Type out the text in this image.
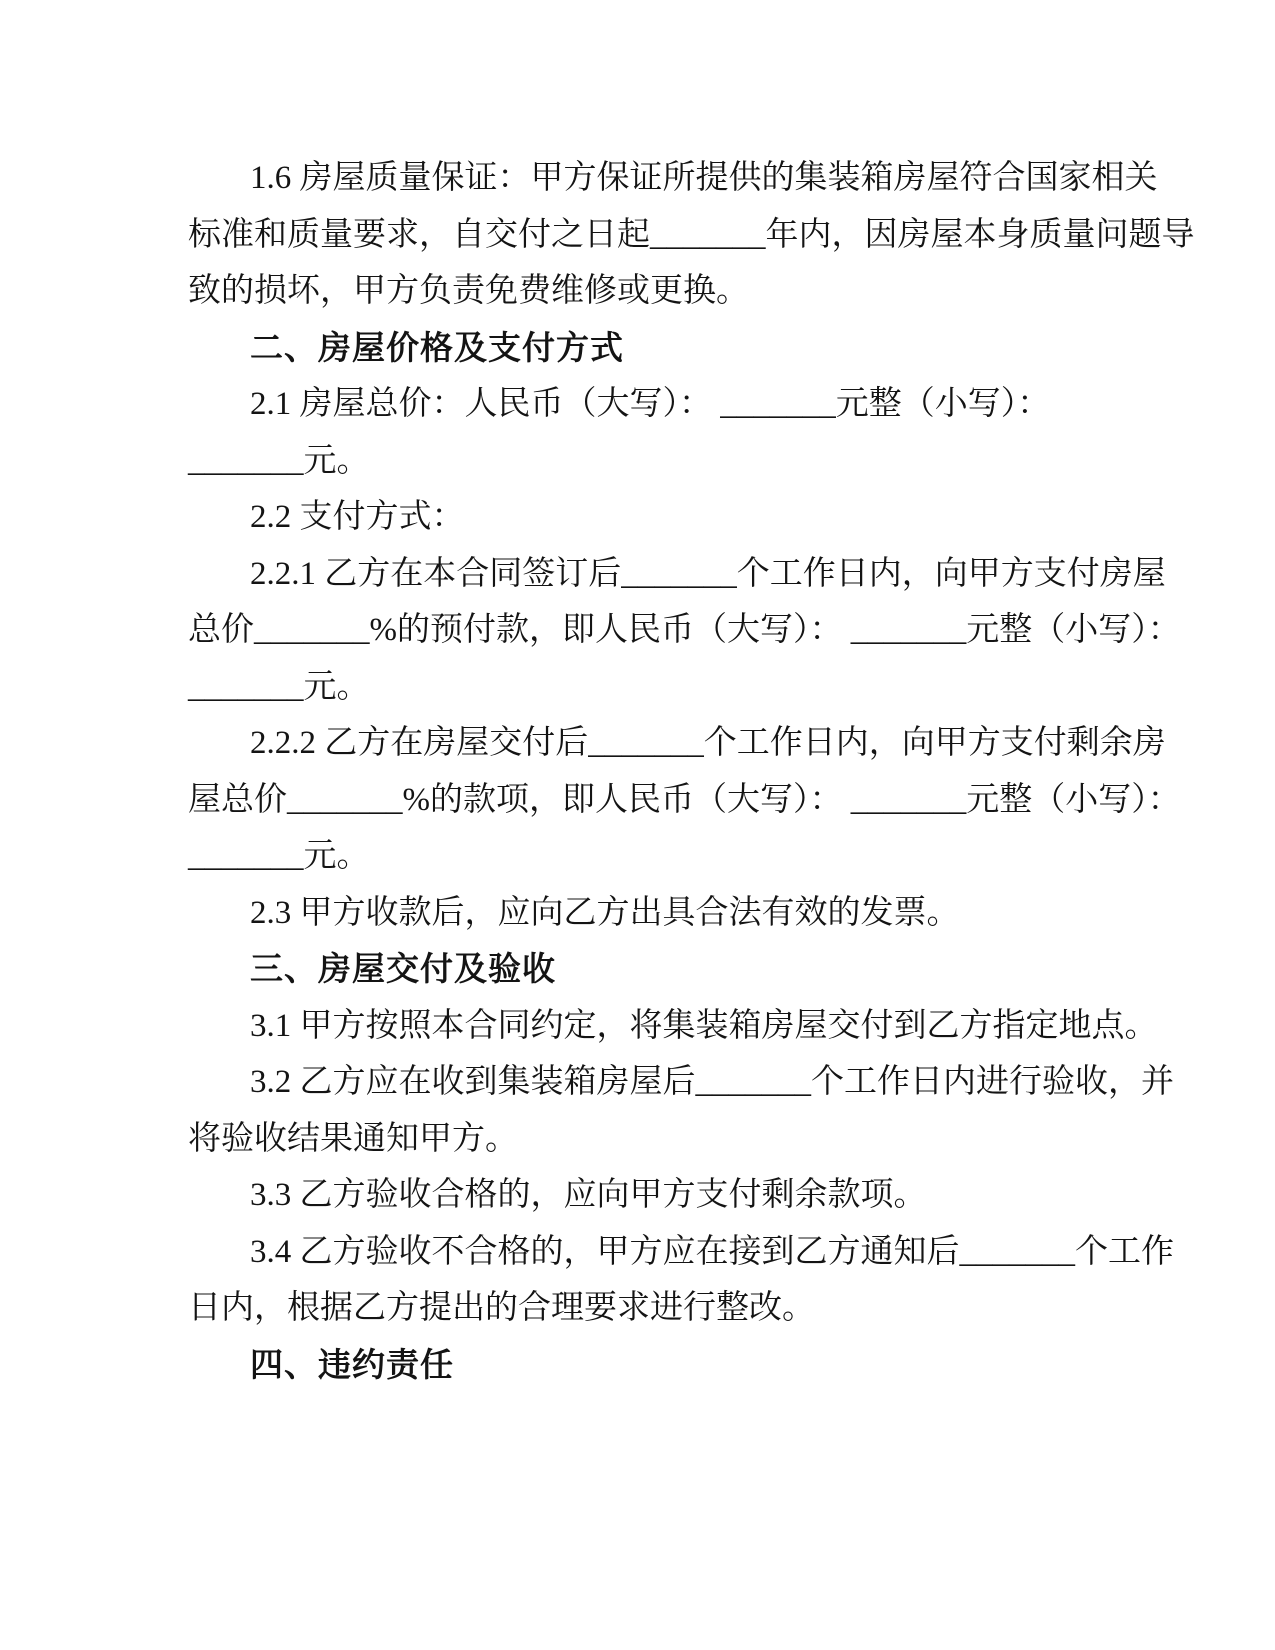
1.6 房屋质量保证：甲方保证所提供的集装箱房屋符合国家相关
标准和质量要求，自交付之日起_______年内，因房屋本身质量问题导
致的损坏，甲方负责免费维修或更换。
二、房屋价格及支付方式
2.1 房屋总价：人民币（大写）： _______元整（小写）：
_______元。
2.2 支付方式：
2.2.1 乙方在本合同签订后_______个工作日内，向甲方支付房屋
总价_______%的预付款，即人民币（大写）： _______元整（小写）：
_______元。
2.2.2 乙方在房屋交付后_______个工作日内，向甲方支付剩余房
屋总价_______%的款项，即人民币（大写）： _______元整（小写）：
_______元。
2.3 甲方收款后，应向乙方出具合法有效的发票。
三、房屋交付及验收
3.1 甲方按照本合同约定，将集装箱房屋交付到乙方指定地点。
3.2 乙方应在收到集装箱房屋后_______个工作日内进行验收，并
将验收结果通知甲方。
3.3 乙方验收合格的，应向甲方支付剩余款项。
3.4 乙方验收不合格的，甲方应在接到乙方通知后_______个工作
日内，根据乙方提出的合理要求进行整改。
四、违约责任
